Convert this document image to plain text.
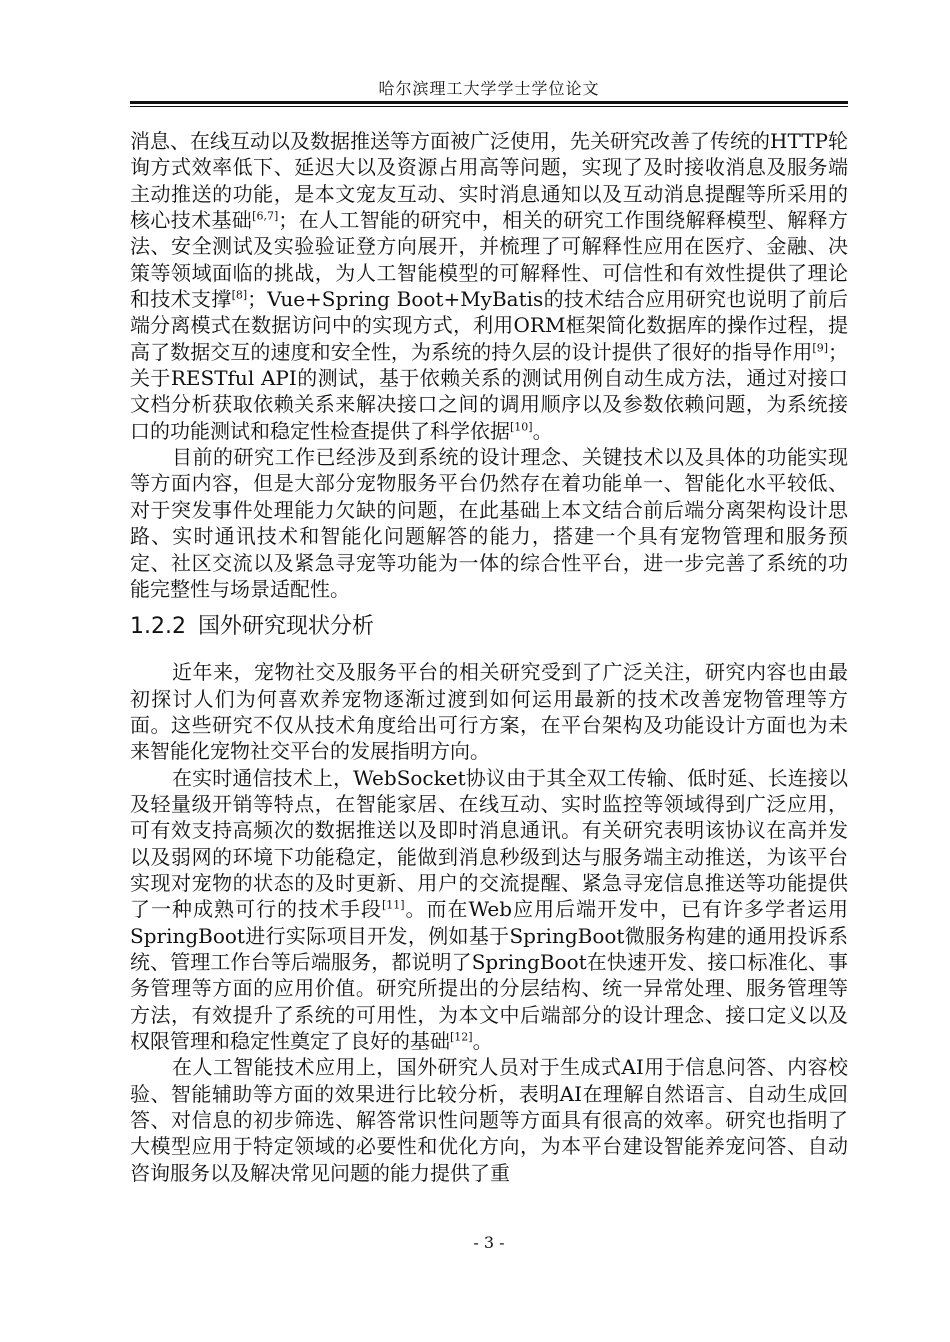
哈尔滨理工大学学士学位论文

消息、在线互动以及数据推送等方面被广泛使用，先关研究改善了传统的HTTP轮询方式效率低下、延迟大以及资源占用高等问题，实现了及时接收消息及服务端主动推送的功能，是本文宠友互动、实时消息通知以及互动消息提醒等所采用的核心技术基础[6,7]；在人工智能的研究中，相关的研究工作围绕解释模型、解释方法、安全测试及实验验证登方向展开，并梳理了可解释性应用在医疗、金融、决策等领域面临的挑战，为人工智能模型的可解释性、可信性和有效性提供了理论和技术支撑[8]；Vue+Spring Boot+MyBatis的技术结合应用研究也说明了前后端分离模式在数据访问中的实现方式，利用ORM框架简化数据库的操作过程，提高了数据交互的速度和安全性，为系统的持久层的设计提供了很好的指导作用[9]；关于RESTful API的测试，基于依赖关系的测试用例自动生成方法，通过对接口文档分析获取依赖关系来解决接口之间的调用顺序以及参数依赖问题，为系统接口的功能测试和稳定性检查提供了科学依据[10]。

目前的研究工作已经涉及到系统的设计理念、关键技术以及具体的功能实现等方面内容，但是大部分宠物服务平台仍然存在着功能单一、智能化水平较低、对于突发事件处理能力欠缺的问题，在此基础上本文结合前后端分离架构设计思路、实时通讯技术和智能化问题解答的能力，搭建一个具有宠物管理和服务预定、社区交流以及紧急寻宠等功能为一体的综合性平台，进一步完善了系统的功能完整性与场景适配性。

1.2.2 国外研究现状分析

近年来，宠物社交及服务平台的相关研究受到了广泛关注，研究内容也由最初探讨人们为何喜欢养宠物逐渐过渡到如何运用最新的技术改善宠物管理等方面。这些研究不仅从技术角度给出可行方案，在平台架构及功能设计方面也为未来智能化宠物社交平台的发展指明方向。

在实时通信技术上，WebSocket协议由于其全双工传输、低时延、长连接以及轻量级开销等特点，在智能家居、在线互动、实时监控等领域得到广泛应用，可有效支持高频次的数据推送以及即时消息通讯。有关研究表明该协议在高并发以及弱网的环境下功能稳定，能做到消息秒级到达与服务端主动推送，为该平台实现对宠物的状态的及时更新、用户的交流提醒、紧急寻宠信息推送等功能提供了一种成熟可行的技术手段[11]。而在Web应用后端开发中，已有许多学者运用SpringBoot进行实际项目开发，例如基于SpringBoot微服务构建的通用投诉系统、管理工作台等后端服务，都说明了SpringBoot在快速开发、接口标准化、事务管理等方面的应用价值。研究所提出的分层结构、统一异常处理、服务管理等方法，有效提升了系统的可用性，为本文中后端部分的设计理念、接口定义以及权限管理和稳定性奠定了良好的基础[12]。

在人工智能技术应用上，国外研究人员对于生成式AI用于信息问答、内容校验、智能辅助等方面的效果进行比较分析，表明AI在理解自然语言、自动生成回答、对信息的初步筛选、解答常识性问题等方面具有很高的效率。研究也指明了大模型应用于特定领域的必要性和优化方向，为本平台建设智能养宠问答、自动咨询服务以及解决常见问题的能力提供了重

- 3 -
